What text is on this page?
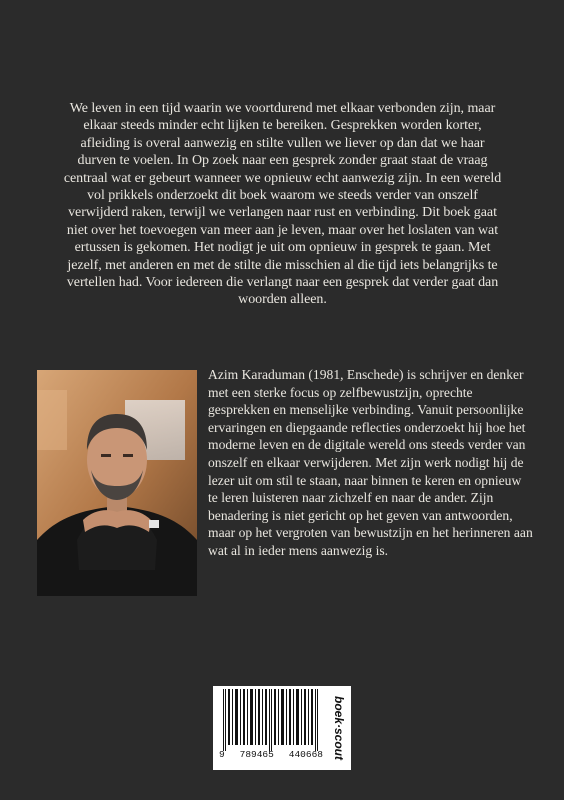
We leven in een tijd waarin we voortdurend met elkaar verbonden zijn, maar elkaar steeds minder echt lijken te bereiken. Gesprekken worden korter, afleiding is overal aanwezig en stilte vullen we liever op dan dat we haar durven te voelen. In Op zoek naar een gesprek zonder graat staat de vraag centraal wat er gebeurt wanneer we opnieuw echt aanwezig zijn. In een wereld vol prikkels onderzoekt dit boek waarom we steeds verder van onszelf verwijderd raken, terwijl we verlangen naar rust en verbinding. Dit boek gaat niet over het toevoegen van meer aan je leven, maar over het loslaten van wat ertussen is gekomen. Het nodigt je uit om opnieuw in gesprek te gaan. Met jezelf, met anderen en met de stilte die misschien al die tijd iets belangrijks te vertellen had. Voor iedereen die verlangt naar een gesprek dat verder gaat dan woorden alleen.

Azim Karaduman (1981, Enschede) is schrijver en denker met een sterke focus op zelfbewustzijn, oprechte gesprekken en menselijke verbinding. Vanuit persoonlijke ervaringen en diepgaande reflecties onderzoekt hij hoe het moderne leven en de digitale wereld ons steeds verder van onszelf en elkaar verwijderen. Met zijn werk nodigt hij de lezer uit om stil te staan, naar binnen te keren en opnieuw te leren luisteren naar zichzelf en naar de ander. Zijn benadering is niet gericht op het geven van antwoorden, maar op het vergroten van bewustzijn en het herinneren aan wat al in ieder mens aanwezig is.

9 789465 440668 boek·scout
